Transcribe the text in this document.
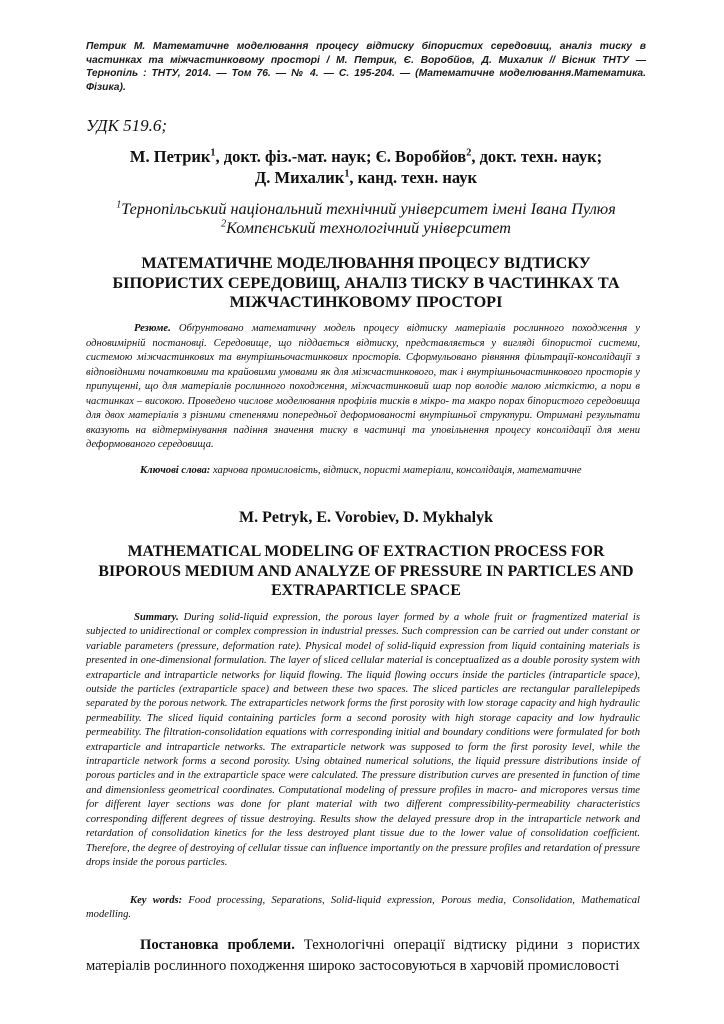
Петрик М. Математичне моделювання процесу відтиску біпористих середовищ, аналіз тиску в частинках та міжчастинковому просторі / М. Петрик, Є. Воробйов, Д. Михалик // Вісник ТНТУ — Тернопіль : ТНТУ, 2014. — Том 76. — № 4. — С. 195-204. — (Математичне моделювання.Математика. Фізика).
УДК 519.6;
М. Петрик$^1$, докт. фіз.-мат. наук; Є. Воробйов$^2$, докт. техн. наук;
Д. Михалик$^1$, канд. техн. наук
$^1$Тернопільський національний технічний університет імені Івана Пулюя
$^2$Компєнський технологічний університет
МАТЕМАТИЧНЕ МОДЕЛЮВАННЯ ПРОЦЕСУ ВІДТИСКУ БІПОРИСТИХ СЕРЕДОВИЩ, АНАЛІЗ ТИСКУ В ЧАСТИНКАХ ТА МІЖЧАСТИНКОВОМУ ПРОСТОРІ
Резюме. Обґрунтовано математичну модель процесу відтиску матеріалів рослинного походження у одновимірній постановці. Середовище, що піддається відтиску, представляється у вигляді біпористої системи, системою міжчастинкових та внутрішньочастинкових просторів. Сформульовано рівняння фільтрації-консолідації з відповідними початковими та крайовими умовами як для міжчастинкового, так і внутрішньочастинкового просторів у припущенні, що для матеріалів рослинного походження, міжчастинковий шар пор володіє малою місткістю, а пори в частинках – високою. Проведено числове моделювання профілів тисків в мікро- та макро порах біпористого середовища для двох матеріалів з різними степенями попередньої деформованості внутрішньої структури. Отримані результати вказують на відтермінування падіння значення тиску в частинці та уповільнення процесу консолідації для мени деформованого середовища.
Ключові слова: харчова промисловість, відтиск, пористі матеріали, консолідація, математичне
M. Petryk, E. Vorobiev, D. Mykhalyk
MATHEMATICAL MODELING OF EXTRACTION PROCESS FOR BIPOROUS MEDIUM AND ANALYZE OF PRESSURE IN PARTICLES AND EXTRAPARTICLE SPACE
Summary. During solid-liquid expression, the porous layer formed by a whole fruit or fragmentized material is subjected to unidirectional or complex compression in industrial presses. Such compression can be carried out under constant or variable parameters (pressure, deformation rate). Physical model of solid-liquid expression from liquid containing materials is presented in one-dimensional formulation. The layer of sliced cellular material is conceptualized as a double porosity system with extraparticle and intraparticle networks for liquid flowing. The liquid flowing occurs inside the particles (intraparticle space), outside the particles (extraparticle space) and between these two spaces. The sliced particles are rectangular parallelepipeds separated by the porous network. The extraparticles network forms the first porosity with low storage capacity and high hydraulic permeability. The sliced liquid containing particles form a second porosity with high storage capacity and low hydraulic permeability. The filtration-consolidation equations with corresponding initial and boundary conditions were formulated for both extraparticle and intraparticle networks. The extraparticle network was supposed to form the first porosity level, while the intraparticle network forms a second porosity. Using obtained numerical solutions, the liquid pressure distributions inside of porous particles and in the extraparticle space were calculated. The pressure distribution curves are presented in function of time and dimensionless geometrical coordinates. Computational modeling of pressure profiles in macro- and micropores versus time for different layer sections was done for plant material with two different compressibility-permeability characteristics corresponding different degrees of tissue destroying. Results show the delayed pressure drop in the intraparticle network and retardation of consolidation kinetics for the less destroyed plant tissue due to the lower value of consolidation coefficient. Therefore, the degree of destroying of cellular tissue can influence importantly on the pressure profiles and retardation of pressure drops inside the porous particles.
Key words: Food processing, Separations, Solid-liquid expression, Porous media, Consolidation, Mathematical modelling.
Постановка проблеми. Технологічні операції відтиску рідини з пористих матеріалів рослинного походження широко застосовуються в харчовій промисловості
